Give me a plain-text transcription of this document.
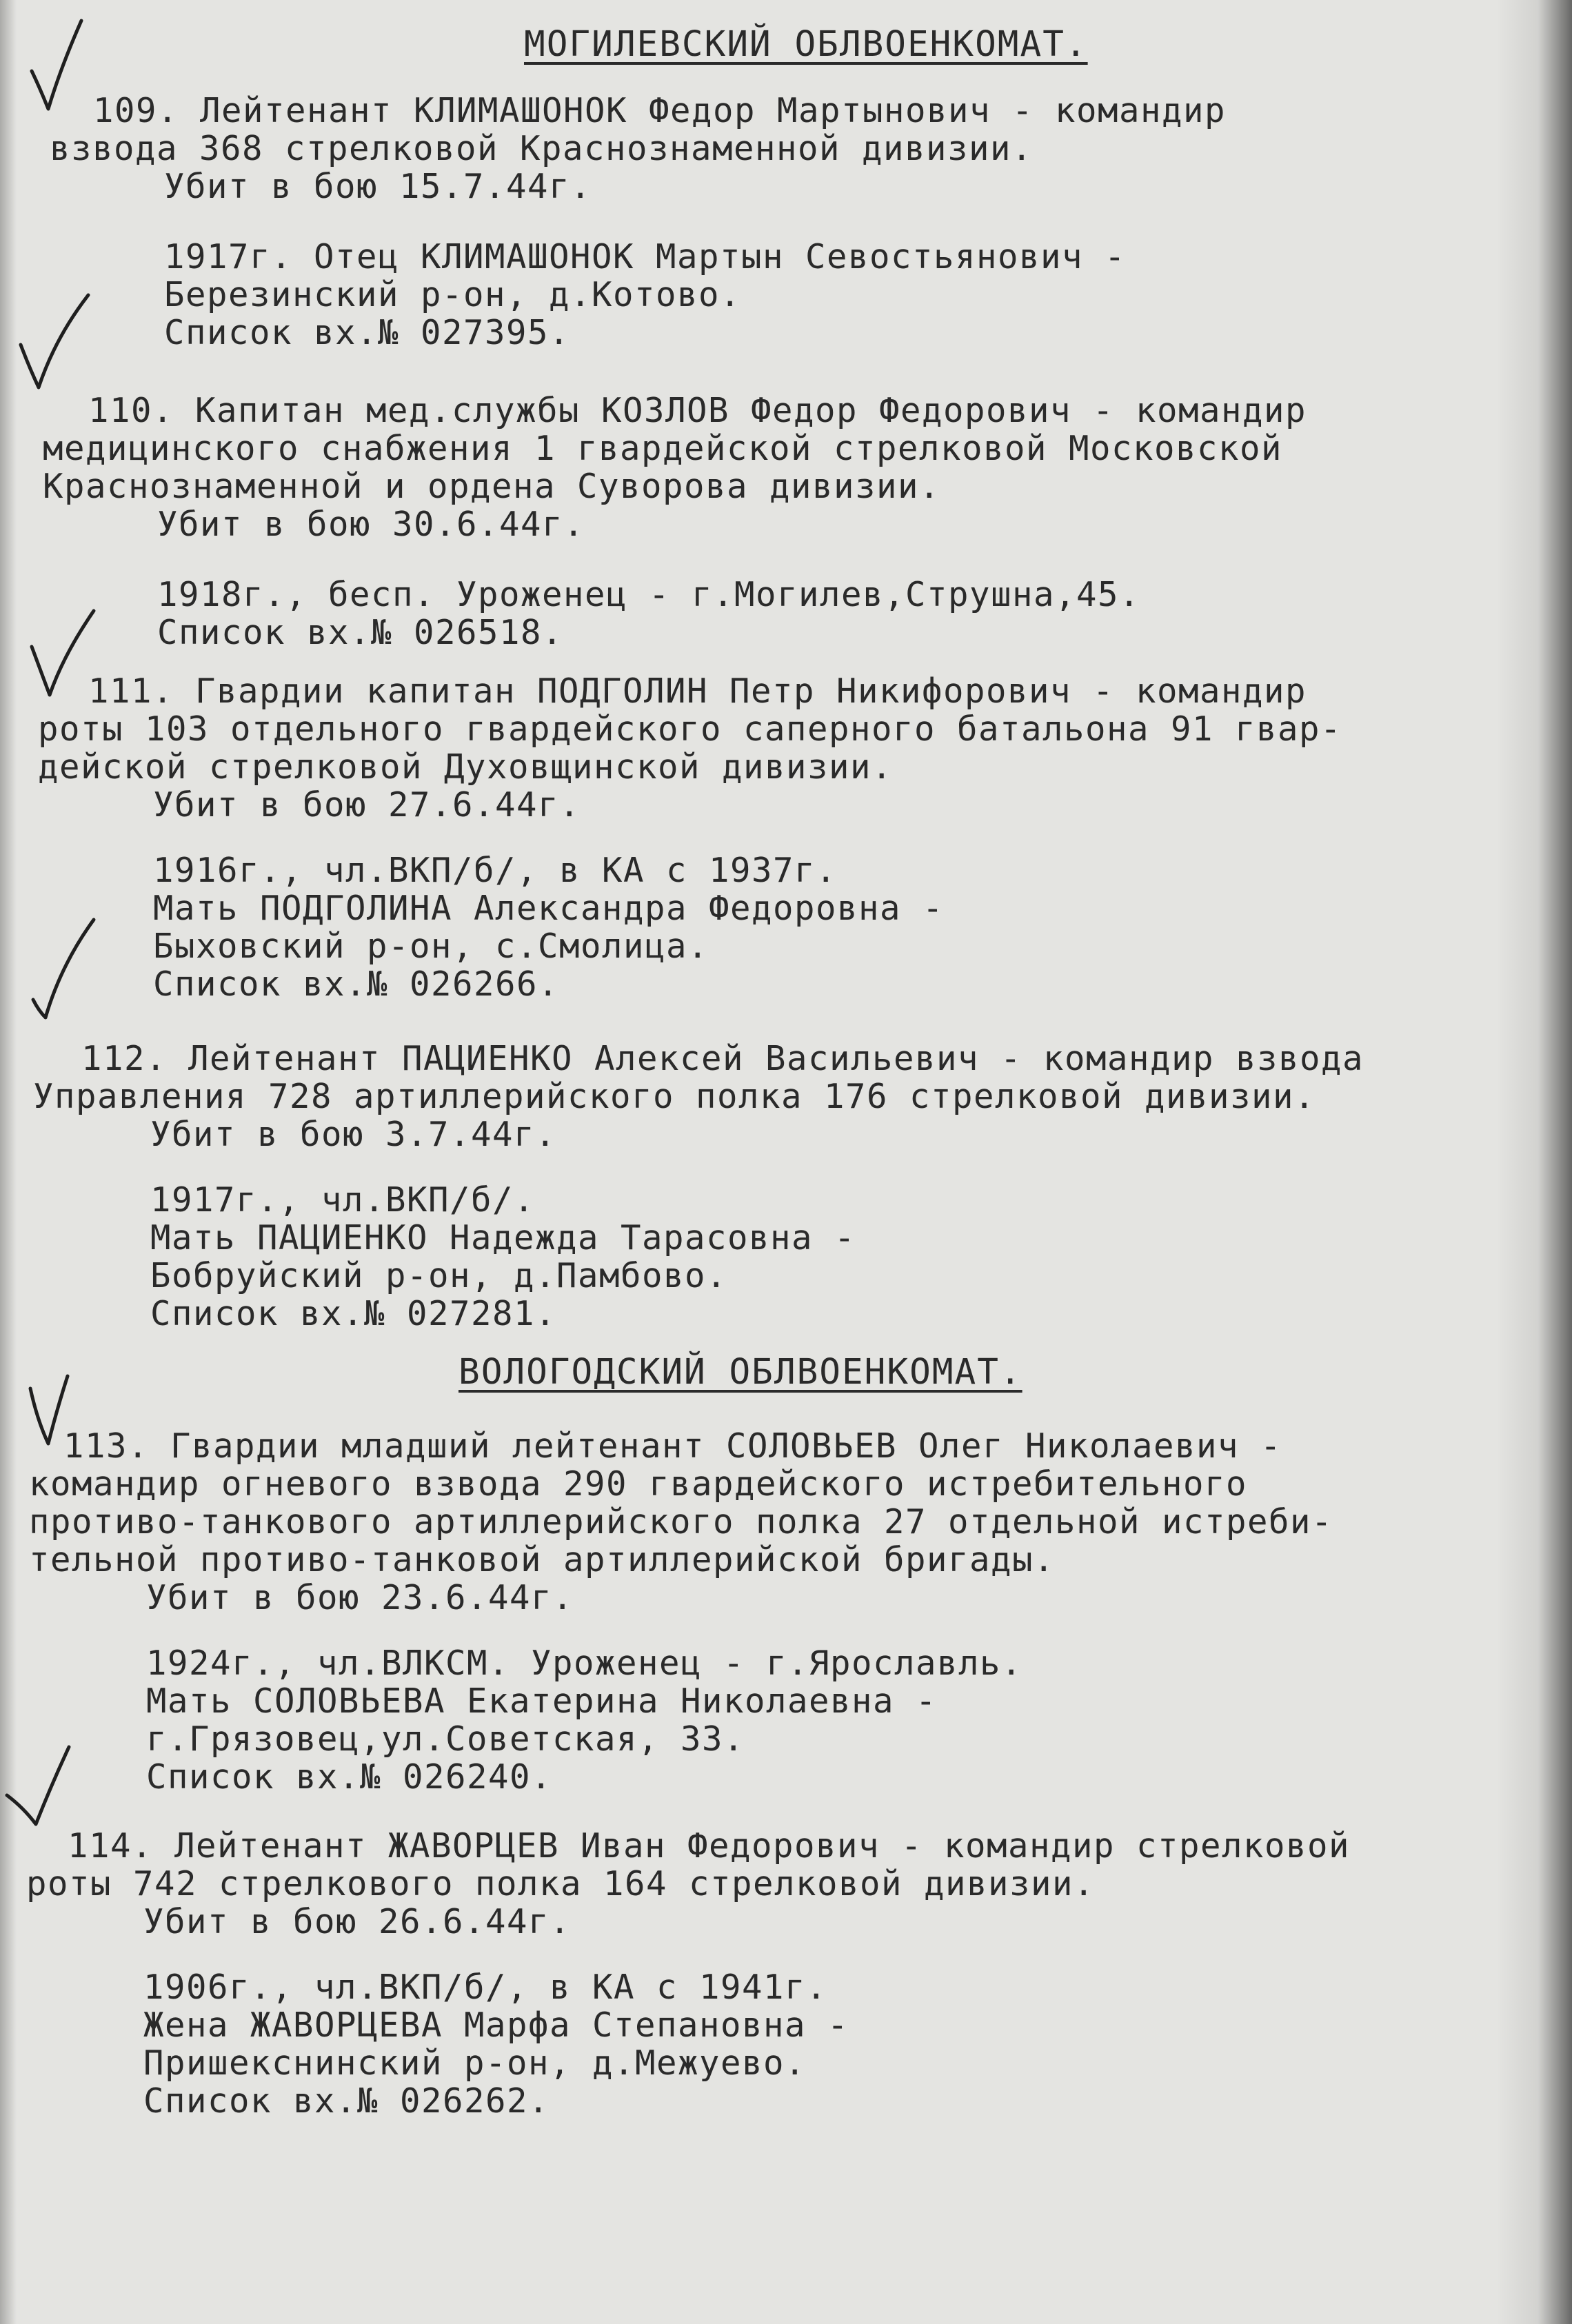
МОГИЛЕВСКИЙ ОБЛВОЕНКОМАТ.
109. Лейтенант КЛИМАШОНОК Федор Мартынович - командир
взвода 368 стрелковой Краснознаменной дивизии.
Убит в бою 15.7.44г.
1917г. Отец КЛИМАШОНОК Мартын Севостьянович -
Березинский р-он, д.Котово.
Список вх.№ 027395.
110. Капитан мед.службы КОЗЛОВ Федор Федорович - командир
медицинского снабжения 1 гвардейской стрелковой Московской
Краснознаменной и ордена Суворова дивизии.
Убит в бою 30.6.44г.
1918г., бесп. Уроженец - г.Могилев,Струшна,45.
Список вх.№ 026518.
111. Гвардии капитан ПОДГОЛИН Петр Никифорович - командир
роты 103 отдельного гвардейского саперного батальона 91 гвар-
дейской стрелковой Духовщинской дивизии.
Убит в бою 27.6.44г.
1916г., чл.ВКП/б/, в КА с 1937г.
Мать ПОДГОЛИНА Александра Федоровна -
Быховский р-он, с.Смолица.
Список вх.№ 026266.
112. Лейтенант ПАЦИЕНКО Алексей Васильевич - командир взвода
Управления 728 артиллерийского полка 176 стрелковой дивизии.
Убит в бою 3.7.44г.
1917г., чл.ВКП/б/.
Мать ПАЦИЕНКО Надежда Тарасовна -
Бобруйский р-он, д.Памбово.
Список вх.№ 027281.
ВОЛОГОДСКИЙ ОБЛВОЕНКОМАТ.
113. Гвардии младший лейтенант СОЛОВЬЕВ Олег Николаевич -
командир огневого взвода 290 гвардейского истребительного
противо-танкового артиллерийского полка 27 отдельной истреби-
тельной противо-танковой артиллерийской бригады.
Убит в бою 23.6.44г.
1924г., чл.ВЛКСМ. Уроженец - г.Ярославль.
Мать СОЛОВЬЕВА Екатерина Николаевна -
г.Грязовец,ул.Советская, 33.
Список вх.№ 026240.
114. Лейтенант ЖАВОРЦЕВ Иван Федорович - командир стрелковой
роты 742 стрелкового полка 164 стрелковой дивизии.
Убит в бою 26.6.44г.
1906г., чл.ВКП/б/, в КА с 1941г.
Жена ЖАВОРЦЕВА Марфа Степановна -
Пришекснинский р-он, д.Межуево.
Список вх.№ 026262.
